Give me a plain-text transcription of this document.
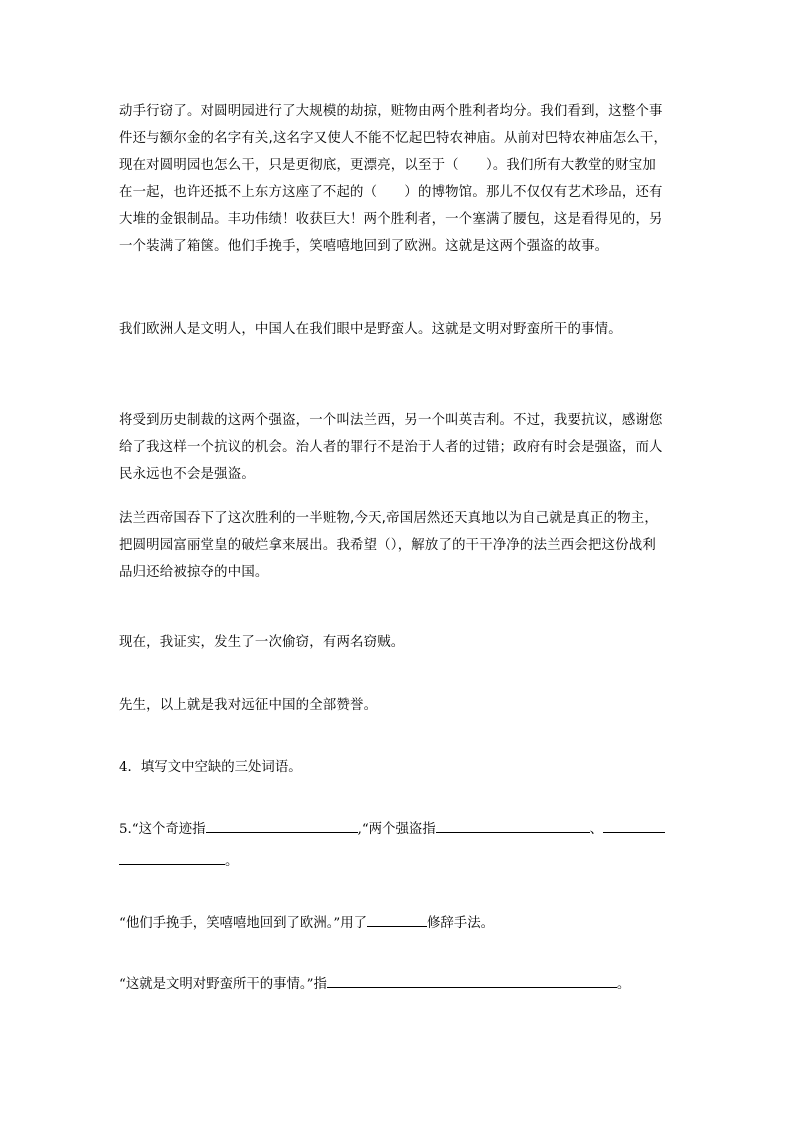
动手行窃了。对圆明园进行了大规模的劫掠，赃物由两个胜利者均分。我们看到，这整个事
件还与额尔金的名字有关,这名字又使人不能不忆起巴特农神庙。从前对巴特农神庙怎么干，
现在对圆明园也怎么干，只是更彻底，更漂亮，以至于（　　）。我们所有大教堂的财宝加
在一起，也许还抵不上东方这座了不起的（　　）的博物馆。那儿不仅仅有艺术珍品，还有
大堆的金银制品。丰功伟绩！收获巨大！两个胜利者，一个塞满了腰包，这是看得见的，另
一个装满了箱箧。他们手挽手，笑嘻嘻地回到了欧洲。这就是这两个强盗的故事。

我们欧洲人是文明人，中国人在我们眼中是野蛮人。这就是文明对野蛮所干的事情。

将受到历史制裁的这两个强盗，一个叫法兰西，另一个叫英吉利。不过，我要抗议，感谢您
给了我这样一个抗议的机会。治人者的罪行不是治于人者的过错；政府有时会是强盗，而人
民永远也不会是强盗。

法兰西帝国吞下了这次胜利的一半赃物,今天,帝国居然还天真地以为自己就是真正的物主，
把圆明园富丽堂皇的破烂拿来展出。我希望（），解放了的干干净净的法兰西会把这份战利
品归还给被掠夺的中国。

现在，我证实，发生了一次偷窃，有两名窃贼。

先生，以上就是我对远征中国的全部赞誉。

4．填写文中空缺的三处词语。
5.“这个奇迹指	,“两个强盗指	、
。
“他们手挽手，笑嘻嘻地回到了欧洲。”用了	修辞手法。
“这就是文明对野蛮所干的事情。”指	。
